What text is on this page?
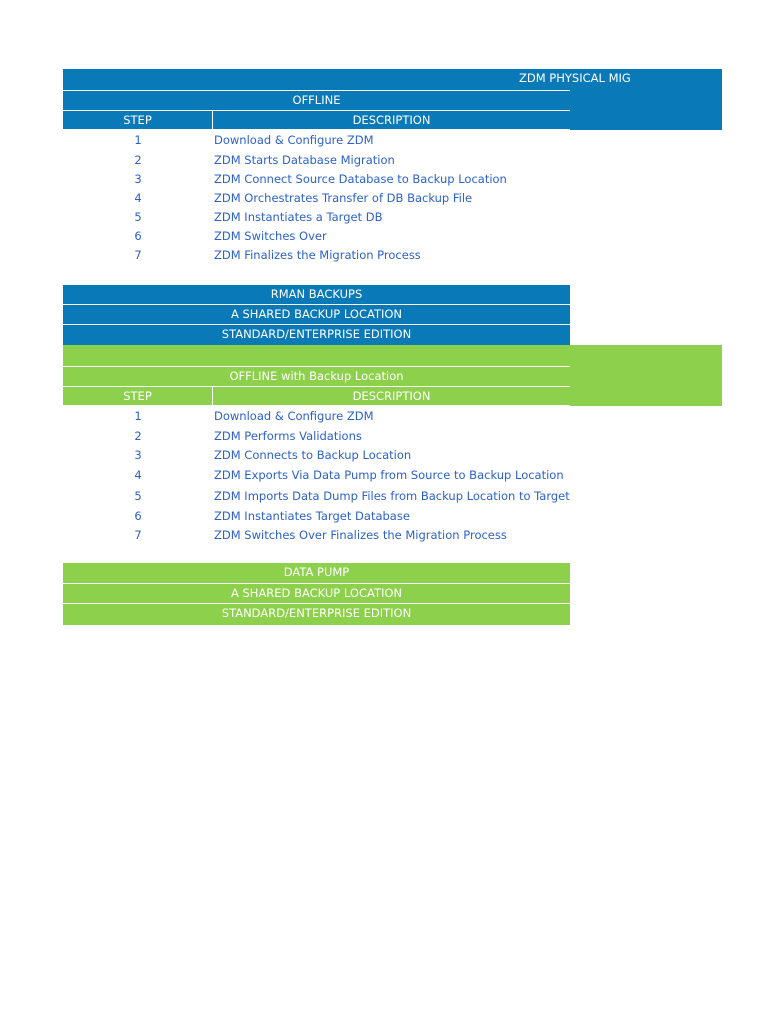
ZDM PHYSICAL MIG
OFFLINE
STEP	DESCRIPTION
1	Download & Configure ZDM
2	ZDM Starts Database Migration
3	ZDM Connect Source Database to Backup Location
4	ZDM Orchestrates Transfer of DB Backup File
5	ZDM Instantiates a Target DB
6	ZDM Switches Over
7	ZDM Finalizes the Migration Process
RMAN BACKUPS
A SHARED BACKUP LOCATION
STANDARD/ENTERPRISE EDITION
OFFLINE with Backup Location
STEP	DESCRIPTION
1	Download & Configure ZDM
2	ZDM Performs Validations
3	ZDM Connects to Backup Location
4	ZDM Exports Via Data Pump from Source to Backup Location
5	ZDM Imports Data Dump Files from Backup Location to Target
6	ZDM Instantiates Target Database
7	ZDM Switches Over Finalizes the Migration Process
DATA PUMP
A SHARED BACKUP LOCATION
STANDARD/ENTERPRISE EDITION
